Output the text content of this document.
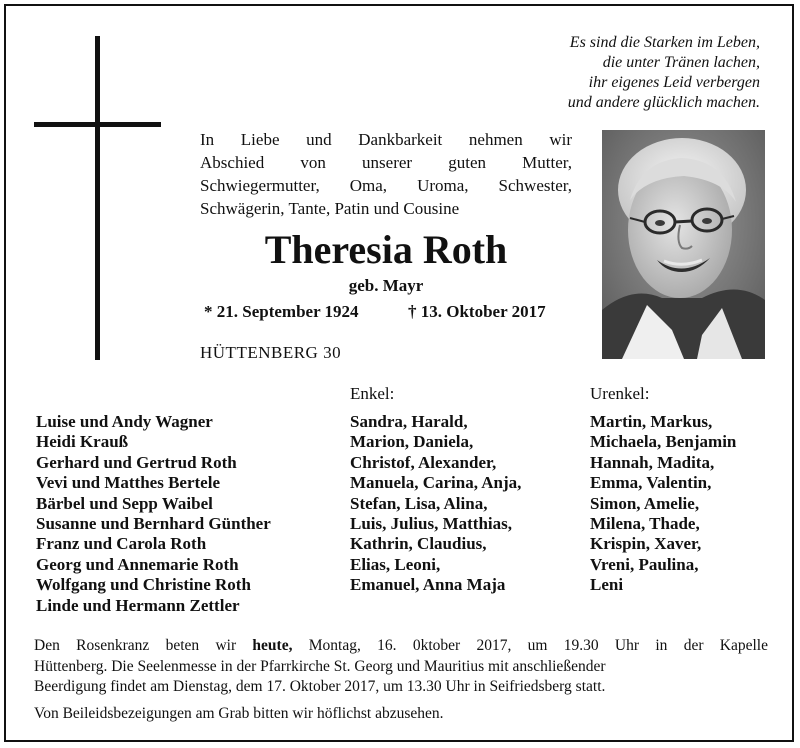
Es sind die Starken im Leben,
die unter Tränen lachen,
ihr eigenes Leid verbergen
und andere glücklich machen.
In Liebe und Dankbarkeit nehmen wir
Abschied von unserer guten Mutter,
Schwiegermutter, Oma, Uroma, Schwester,
Schwägerin, Tante, Patin und Cousine
Theresia Roth
geb. Mayr
* 21. September 1924	† 13. Oktober 2017
HÜTTENBERG 30
Enkel:	Urenkel:
Luise und Andy Wagner
Heidi Krauß
Gerhard und Gertrud Roth
Vevi und Matthes Bertele
Bärbel und Sepp Waibel
Susanne und Bernhard Günther
Franz und Carola Roth
Georg und Annemarie Roth
Wolfgang und Christine Roth
Linde und Hermann Zettler
Sandra, Harald,
Marion, Daniela,
Christof, Alexander,
Manuela, Carina, Anja,
Stefan, Lisa, Alina,
Luis, Julius, Matthias,
Kathrin, Claudius,
Elias, Leoni,
Emanuel, Anna Maja
Martin, Markus,
Michaela, Benjamin
Hannah, Madita,
Emma, Valentin,
Simon, Amelie,
Milena, Thade,
Krispin, Xaver,
Vreni, Paulina,
Leni

Den Rosenkranz beten wir heute, Montag, 16. 0ktober 2017, um 19.30 Uhr in der Kapelle

Hüttenberg. Die Seelenmesse in der Pfarrkirche St. Georg und Mauritius mit anschließender

Beerdigung findet am Dienstag, dem 17. Oktober 2017, um 13.30 Uhr in Seifriedsberg statt.

Von Beileidsbezeigungen am Grab bitten wir höflichst abzusehen.
